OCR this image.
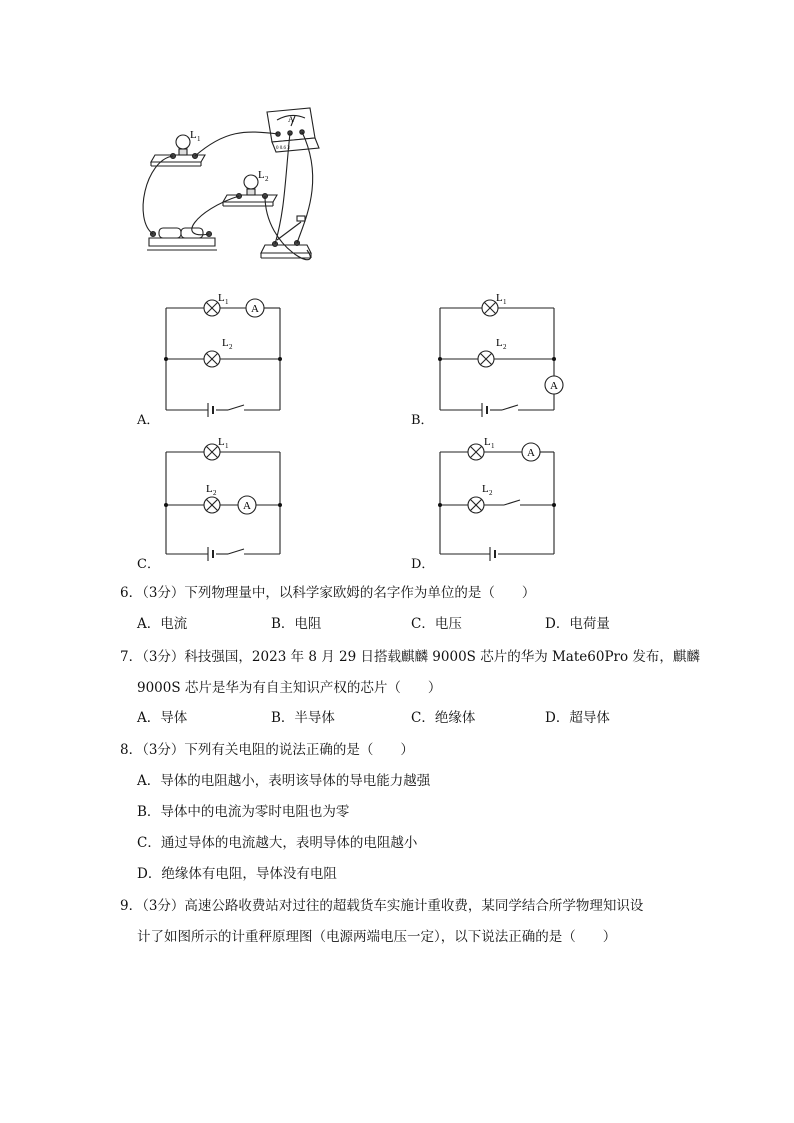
L 1
L 2
A
0 0.6 3
A
L 1
L 2
A．
A
L 1
L 2
B．
A
L 1
L 2
C．
A
L 1
L 2
D．
6．（3分）下列物理量中，以科学家欧姆的名字作为单位的是（　　）
A．电流	B．电阻	C．电压	D．电荷量
7．（3分）科技强国，2023 年 8 月 29 日搭载麒麟 9000S 芯片的华为 Mate60Pro 发布，麒麟
9000S 芯片是华为有自主知识产权的芯片（　　）
A．导体	B．半导体	C．绝缘体	D．超导体
8．（3分）下列有关电阻的说法正确的是（　　）
A．导体的电阻越小，表明该导体的导电能力越强
B．导体中的电流为零时电阻也为零
C．通过导体的电流越大，表明导体的电阻越小
D．绝缘体有电阻，导体没有电阻
9．（3分）高速公路收费站对过往的超载货车实施计重收费，某同学结合所学物理知识设
计了如图所示的计重秤原理图（电源两端电压一定），以下说法正确的是（　　）
